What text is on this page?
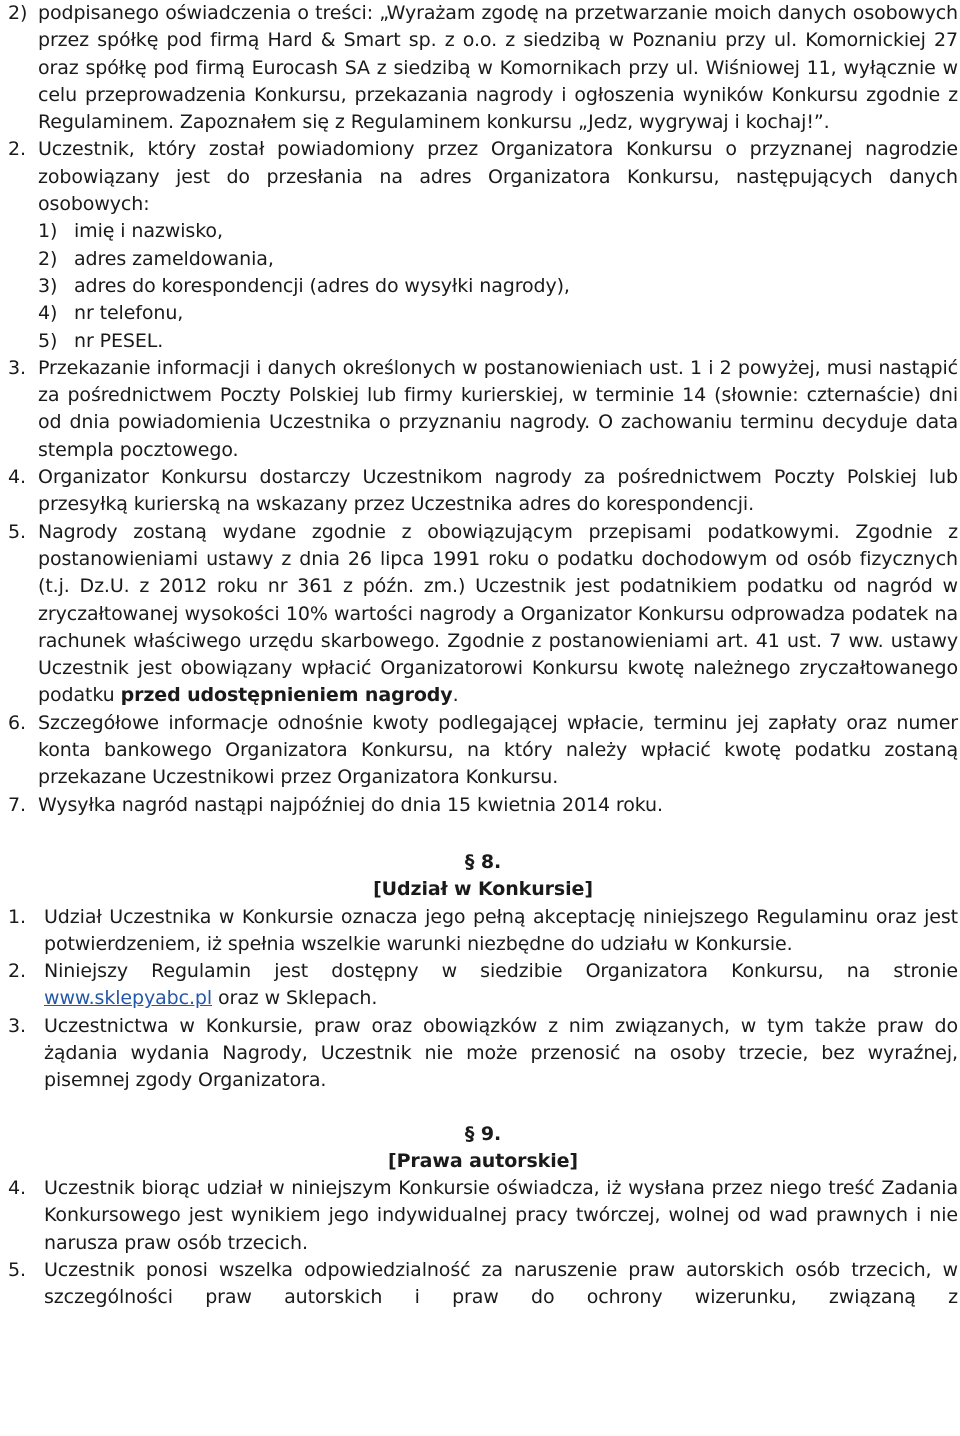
2) podpisanego oświadczenia o treści: „Wyrażam zgodę na przetwarzanie moich danych osobowych przez spółkę pod firmą Hard & Smart sp. z o.o. z siedzibą w Poznaniu przy ul. Komornickiej 27 oraz spółkę pod firmą Eurocash SA z siedzibą w Komornikach przy ul. Wiśniowej 11, wyłącznie w celu przeprowadzenia Konkursu, przekazania nagrody i ogłoszenia wyników Konkursu zgodnie z Regulaminem. Zapoznałem się z Regulaminem konkursu „Jedz, wygrywaj i kochaj!”.
2. Uczestnik, który został powiadomiony przez Organizatora Konkursu o przyznanej nagrodzie zobowiązany jest do przesłania na adres Organizatora Konkursu, następujących danych osobowych:
1) imię i nazwisko,
2) adres zameldowania,
3) adres do korespondencji (adres do wysyłki nagrody),
4) nr telefonu,
5) nr PESEL.
3. Przekazanie informacji i danych określonych w postanowieniach ust. 1 i 2 powyżej, musi nastąpić za pośrednictwem Poczty Polskiej lub firmy kurierskiej, w terminie 14 (słownie: czternaście) dni od dnia powiadomienia Uczestnika o przyznaniu nagrody. O zachowaniu terminu decyduje data stempla pocztowego.
4. Organizator Konkursu dostarczy Uczestnikom nagrody za pośrednictwem Poczty Polskiej lub przesyłką kurierską na wskazany przez Uczestnika adres do korespondencji.
5. Nagrody zostaną wydane zgodnie z obowiązującym przepisami podatkowymi. Zgodnie z postanowieniami ustawy z dnia 26 lipca 1991 roku o podatku dochodowym od osób fizycznych (t.j. Dz.U. z 2012 roku nr 361 z późn. zm.) Uczestnik jest podatnikiem podatku od nagród w zryczałtowanej wysokości 10% wartości nagrody a Organizator Konkursu odprowadza podatek na rachunek właściwego urzędu skarbowego. Zgodnie z postanowieniami art. 41 ust. 7 ww. ustawy Uczestnik jest obowiązany wpłacić Organizatorowi Konkursu kwotę należnego zryczałtowanego podatku przed udostępnieniem nagrody.
6. Szczegółowe informacje odnośnie kwoty podlegającej wpłacie, terminu jej zapłaty oraz numer konta bankowego Organizatora Konkursu, na który należy wpłacić kwotę podatku zostaną przekazane Uczestnikowi przez Organizatora Konkursu.
7. Wysyłka nagród nastąpi najpóźniej do dnia 15 kwietnia 2014 roku.
§ 8.
[Udział w Konkursie]
1. Udział Uczestnika w Konkursie oznacza jego pełną akceptację niniejszego Regulaminu oraz jest potwierdzeniem, iż spełnia wszelkie warunki niezbędne do udziału w Konkursie.
2. Niniejszy Regulamin jest dostępny w siedzibie Organizatora Konkursu, na stronie www.sklepyabc.pl oraz w Sklepach.
3. Uczestnictwa w Konkursie, praw oraz obowiązków z nim związanych, w tym także praw do żądania wydania Nagrody, Uczestnik nie może przenosić na osoby trzecie, bez wyraźnej, pisemnej zgody Organizatora.
§ 9.
[Prawa autorskie]
4. Uczestnik biorąc udział w niniejszym Konkursie oświadcza, iż wysłana przez niego treść Zadania Konkursowego jest wynikiem jego indywidualnej pracy twórczej, wolnej od wad prawnych i nie narusza praw osób trzecich.
5. Uczestnik ponosi wszelka odpowiedzialność za naruszenie praw autorskich osób trzecich, w szczególności praw autorskich i praw do ochrony wizerunku, związaną z
